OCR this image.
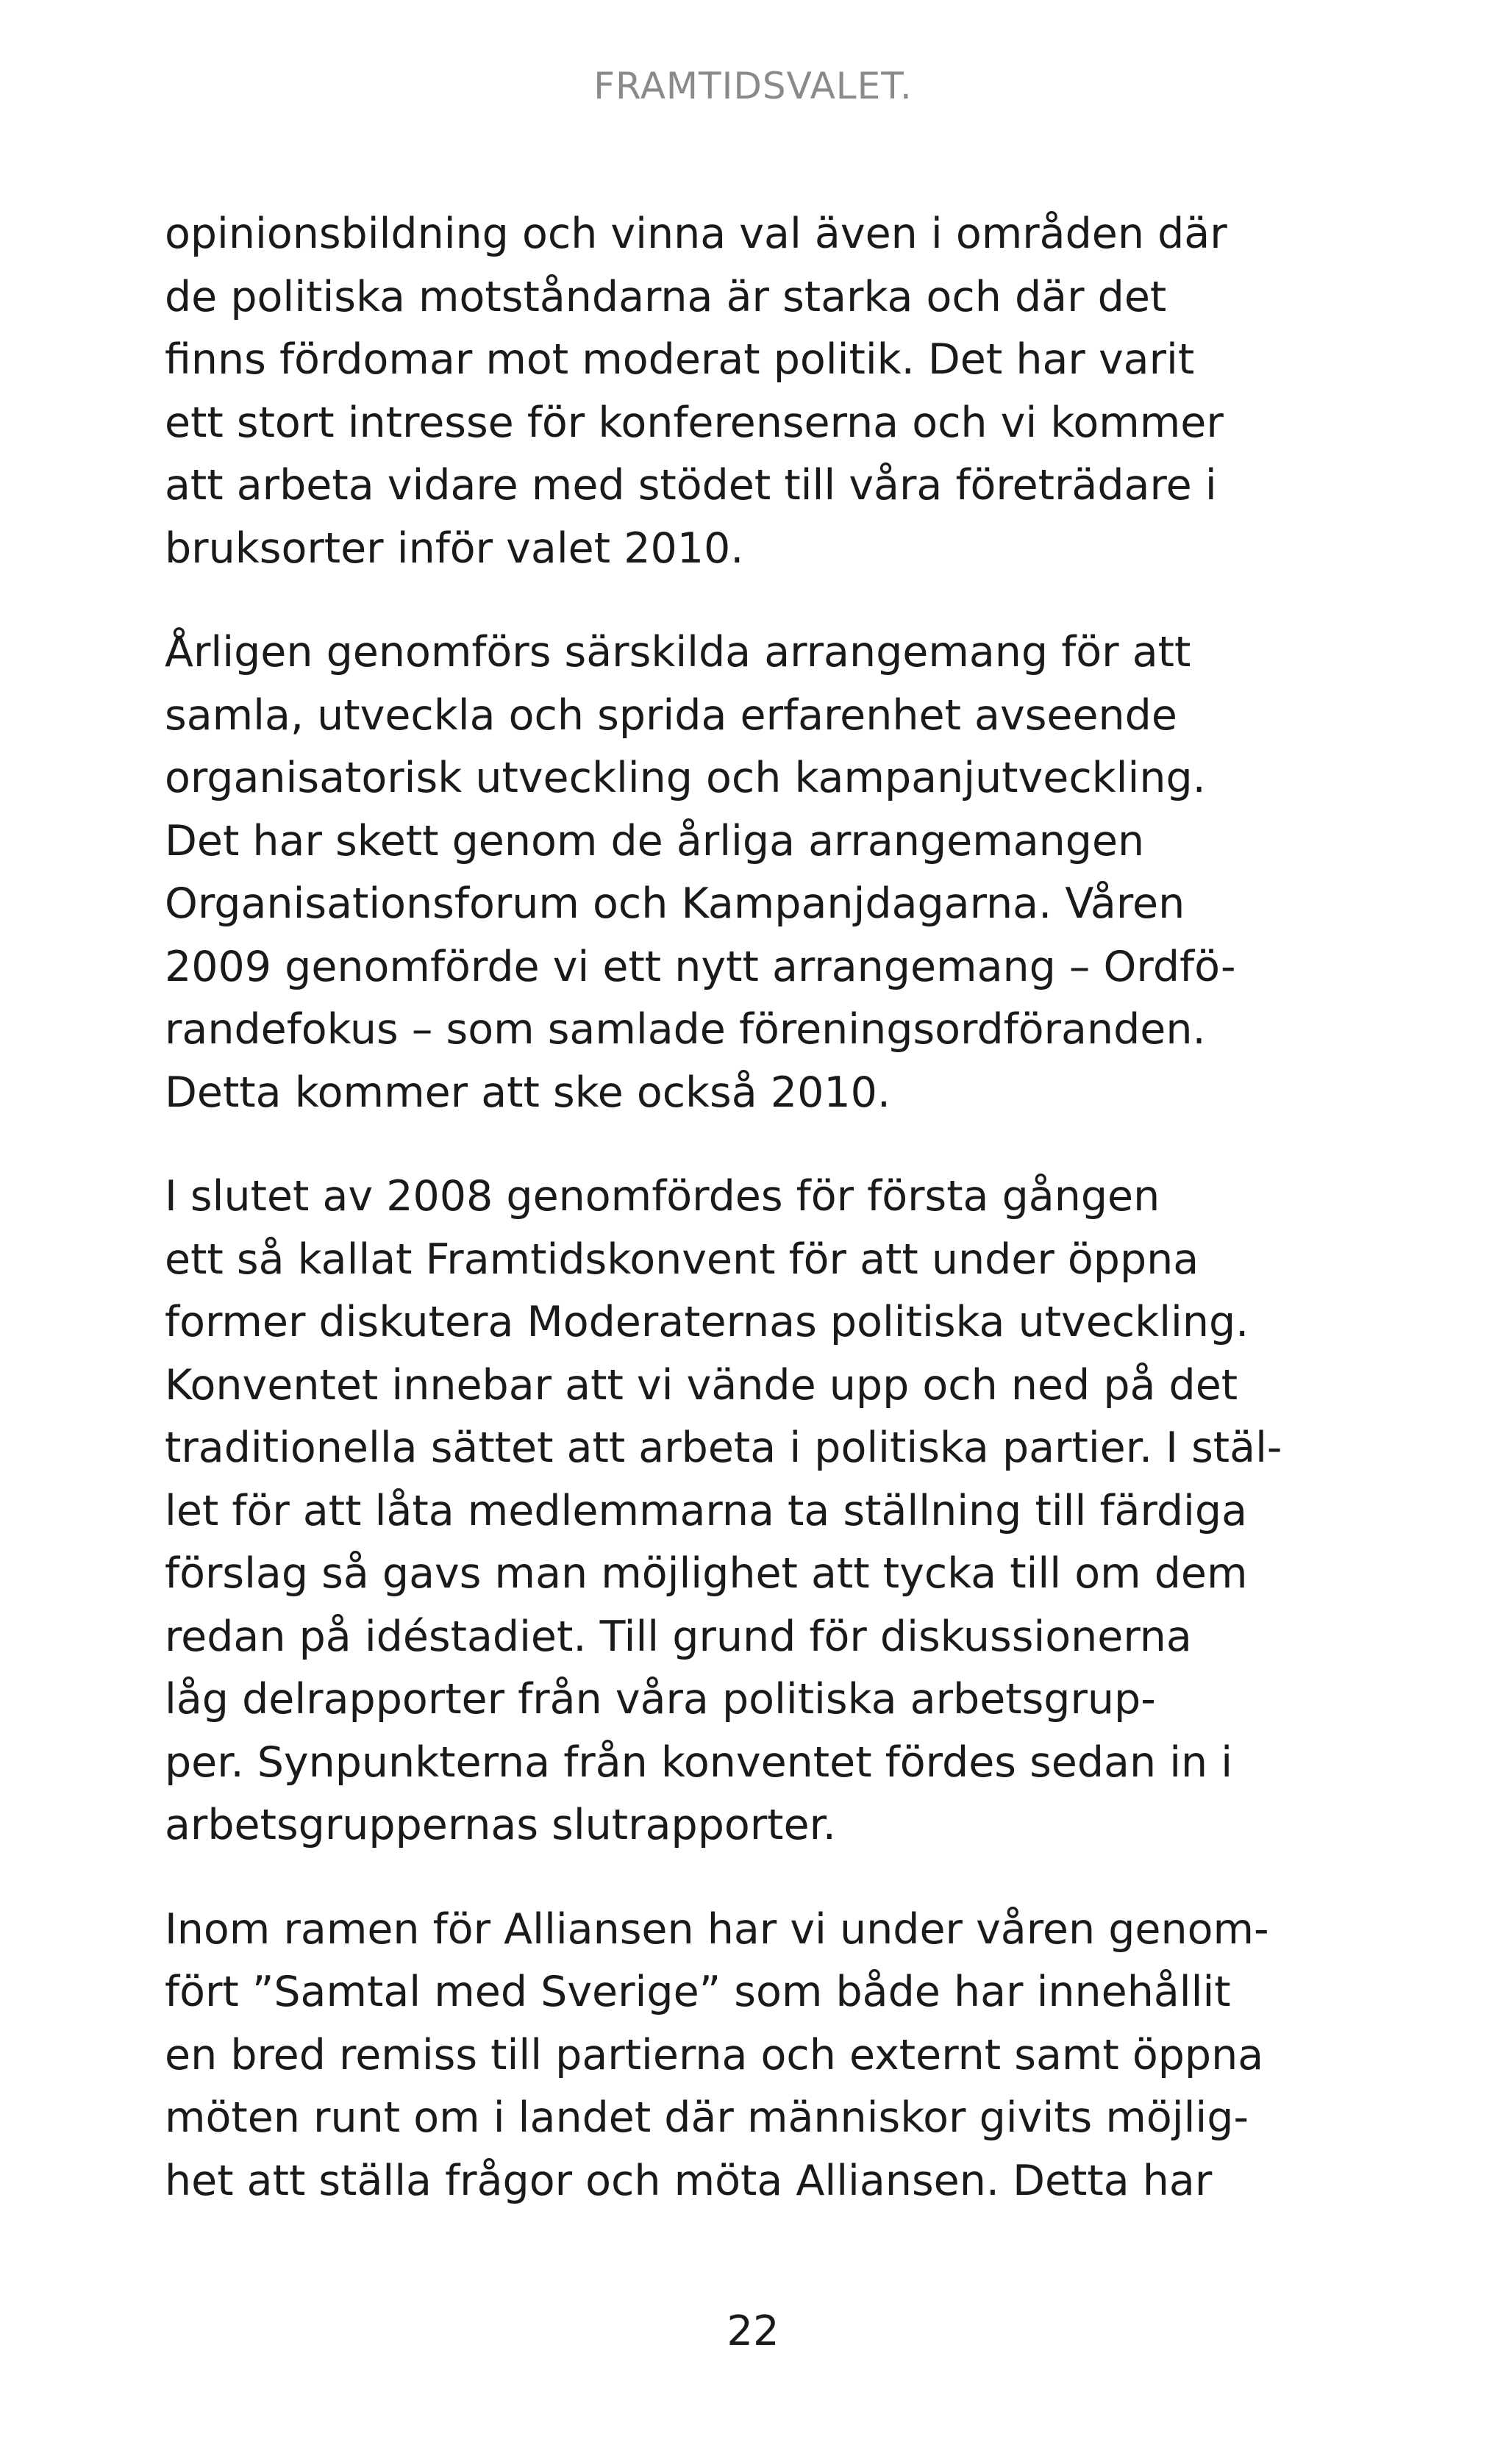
FRAMTIDSVALET.

opinionsbildning och vinna val även i områden där
de politiska motståndarna är starka och där det
finns fördomar mot moderat politik. Det har varit
ett stort intresse för konferenserna och vi kommer
att arbeta vidare med stödet till våra företrädare i
bruksorter inför valet 2010.

Årligen genomförs särskilda arrangemang för att
samla, utveckla och sprida erfarenhet avseende
organisatorisk utveckling och kampanjutveckling.
Det har skett genom de årliga arrangemangen
Organisationsforum och Kampanjdagarna. Våren
2009 genomförde vi ett nytt arrangemang – Ordfö-
randefokus – som samlade föreningsordföranden.
Detta kommer att ske också 2010.

I slutet av 2008 genomfördes för första gången
ett så kallat Framtidskonvent för att under öppna
former diskutera Moderaternas politiska utveckling.
Konventet innebar att vi vände upp och ned på det
traditionella sättet att arbeta i politiska partier. I stäl-
let för att låta medlemmarna ta ställning till färdiga
förslag så gavs man möjlighet att tycka till om dem
redan på idéstadiet. Till grund för diskussionerna
låg delrapporter från våra politiska arbetsgrup-
per. Synpunkterna från konventet fördes sedan in i
arbetsgruppernas slutrapporter.

Inom ramen för Alliansen har vi under våren genom-
fört ”Samtal med Sverige” som både har innehållit
en bred remiss till partierna och externt samt öppna
möten runt om i landet där människor givits möjlig-
het att ställa frågor och möta Alliansen. Detta har

22
